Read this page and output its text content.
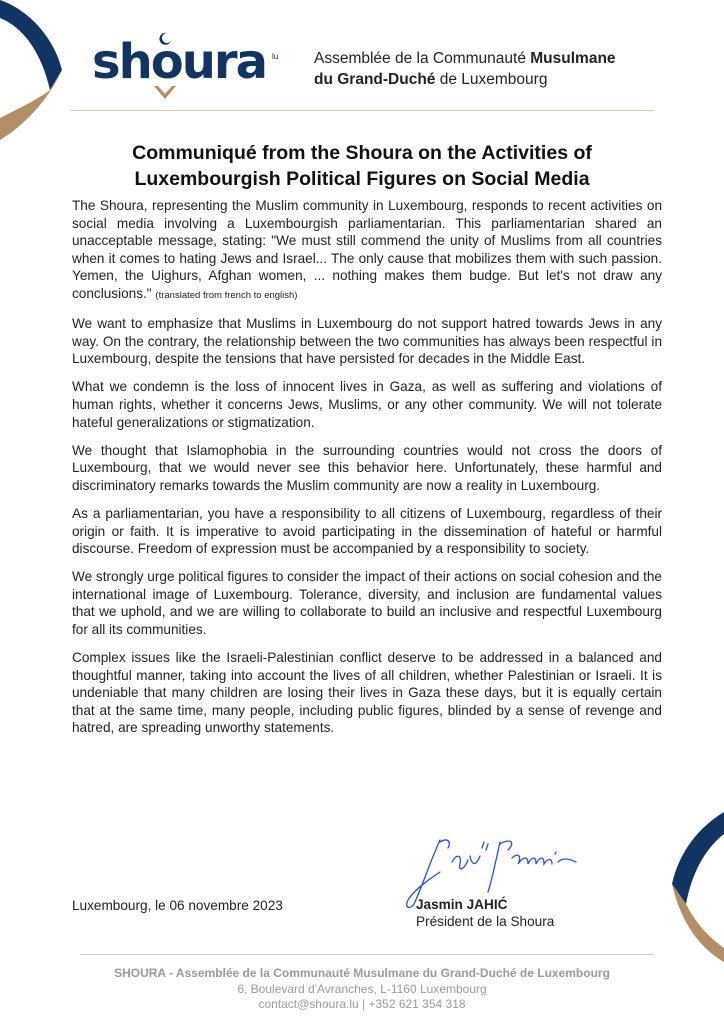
shoura lu Assemblée de la Communauté Musulmane
du Grand-Duché de Luxembourg
Communiqué from the Shoura on the Activities of
Luxembourgish Political Figures on Social Media

The Shoura, representing the Muslim community in Luxembourg, responds to recent activities on social media involving a Luxembourgish parliamentarian. This parliamentarian shared an unacceptable message, stating: "We must still commend the unity of Muslims from all countries when it comes to hating Jews and Israel... The only cause that mobilizes them with such passion. Yemen, the Uighurs, Afghan women, ... nothing makes them budge. But let's not draw any conclusions." (translated from french to english)

We want to emphasize that Muslims in Luxembourg do not support hatred towards Jews in any way. On the contrary, the relationship between the two communities has always been respectful in Luxembourg, despite the tensions that have persisted for decades in the Middle East.

What we condemn is the loss of innocent lives in Gaza, as well as suffering and violations of human rights, whether it concerns Jews, Muslims, or any other community. We will not tolerate hateful generalizations or stigmatization.

We thought that Islamophobia in the surrounding countries would not cross the doors of Luxembourg, that we would never see this behavior here. Unfortunately, these harmful and discriminatory remarks towards the Muslim community are now a reality in Luxembourg.

As a parliamentarian, you have a responsibility to all citizens of Luxembourg, regardless of their origin or faith. It is imperative to avoid participating in the dissemination of hateful or harmful discourse. Freedom of expression must be accompanied by a responsibility to society.

We strongly urge political figures to consider the impact of their actions on social cohesion and the international image of Luxembourg. Tolerance, diversity, and inclusion are fundamental values that we uphold, and we are willing to collaborate to build an inclusive and respectful Luxembourg for all its communities.

Complex issues like the Israeli-Palestinian conflict deserve to be addressed in a balanced and thoughtful manner, taking into account the lives of all children, whether Palestinian or Israeli. It is undeniable that many children are losing their lives in Gaza these days, but it is equally certain that at the same time, many people, including public figures, blinded by a sense of revenge and hatred, are spreading unworthy statements.

Luxembourg, le 06 novembre 2023	Jasmin JAHIĆ
Président de la Shoura
SHOURA - Assemblée de la Communauté Musulmane du Grand-Duché de Luxembourg
6, Boulevard d'Avranches, L-1160 Luxembourg
contact@shoura.lu | +352 621 354 318
